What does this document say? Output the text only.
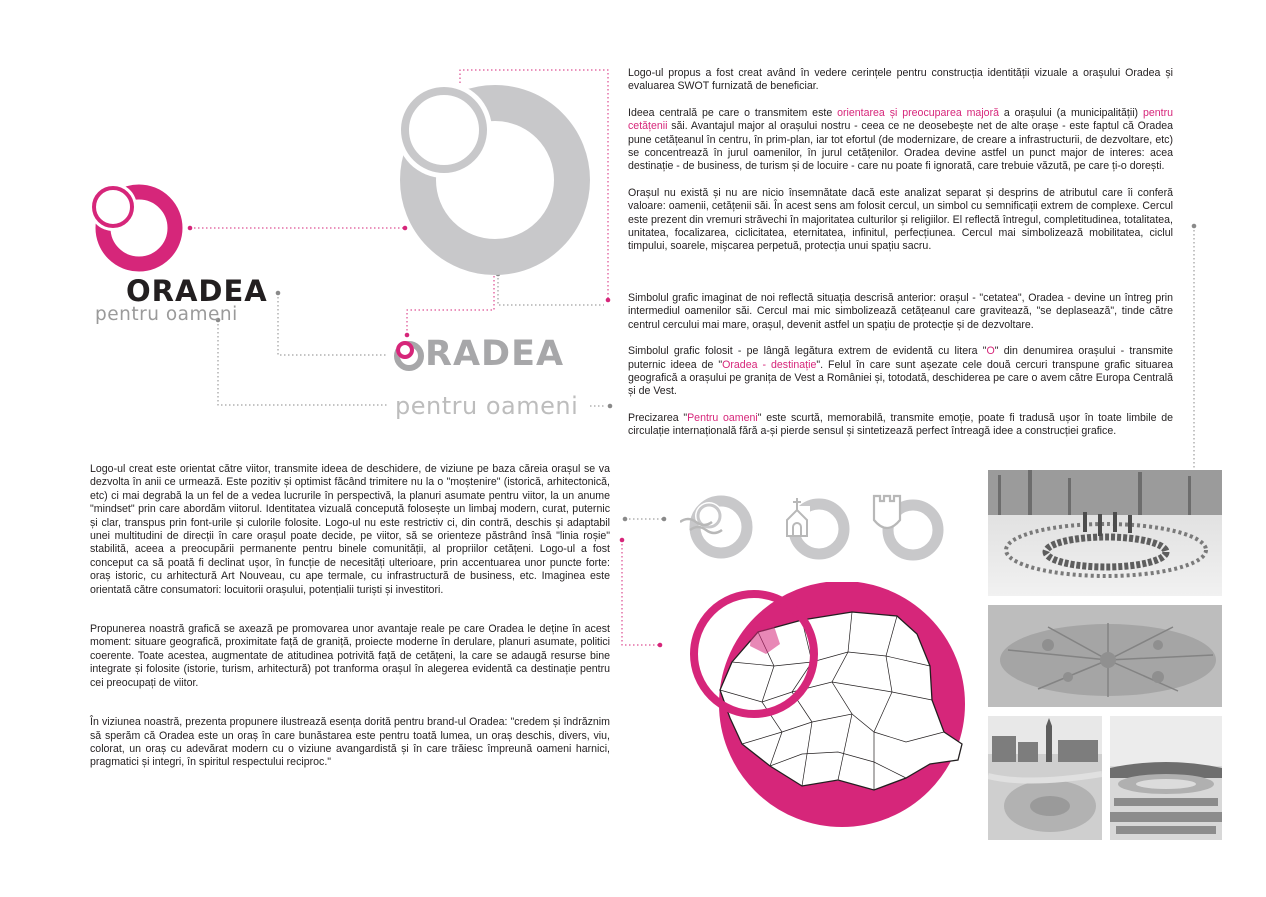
ORADEA
pentru oameni
RADEA
pentru oameni

Logo-ul propus a fost creat având în vedere cerințele pentru construcția identității vizuale a orașului Oradea și evaluarea SWOT furnizată de beneficiar.

Ideea centrală pe care o transmitem este orientarea și preocuparea majoră a orașului (a municipalității) pentru cetățenii săi. Avantajul major al orașului nostru - ceea ce ne deosebește net de alte orașe - este faptul că Oradea pune cetățeanul în centru, în prim-plan, iar tot efortul (de modernizare, de creare a infrastructurii, de dezvoltare, etc) se concentrează în jurul oamenilor, în jurul cetățenilor. Oradea devine astfel un punct major de interes: acea destinație - de business, de turism și de locuire - care nu poate fi ignorată, care trebuie văzută, pe care ți-o dorești.

Orașul nu există și nu are nicio însemnătate dacă este analizat separat și desprins de atributul care îi conferă valoare: oamenii, cetățenii săi. În acest sens am folosit cercul, un simbol cu semnificații extrem de complexe. Cercul este prezent din vremuri străvechi în majoritatea culturilor și religiilor. El reflectă întregul, completitudinea, totalitatea, unitatea, focalizarea, ciclicitatea, eternitatea, infinitul, perfecțiunea. Cercul mai simbolizează mobilitatea, ciclul timpului, soarele, mișcarea perpetuă, protecția unui spațiu sacru.

Simbolul grafic imaginat de noi reflectă situația descrisă anterior: orașul - "cetatea", Oradea - devine un întreg prin intermediul oamenilor săi. Cercul mai mic simbolizează cetățeanul care gravitează, "se deplasează", tinde către centrul cercului mai mare, orașul, devenit astfel un spațiu de protecție și de dezvoltare.

Simbolul grafic folosit - pe lângă legătura extrem de evidentă cu litera "O" din denumirea orașului - transmite puternic ideea de "Oradea - destinație". Felul în care sunt așezate cele două cercuri transpune grafic situarea geografică a orașului pe granița de Vest a României și, totodată, deschiderea pe care o avem către Europa Centrală și de Vest.

Precizarea "Pentru oameni" este scurtă, memorabilă, transmite emoție, poate fi tradusă ușor în toate limbile de circulație internațională fără a-și pierde sensul și sintetizează perfect întreagă idee a construcției grafice.

Logo-ul creat este orientat către viitor, transmite ideea de deschidere, de viziune pe baza căreia orașul se va dezvolta în anii ce urmează. Este pozitiv și optimist făcând trimitere nu la o "moștenire" (istorică, arhitectonică, etc) ci mai degrabă la un fel de a vedea lucrurile în perspectivă, la planuri asumate pentru viitor, la un anume "mindset" prin care abordăm viitorul. Identitatea vizuală concepută folosește un limbaj modern, curat, puternic și clar, transpus prin font-urile și culorile folosite. Logo-ul nu este restrictiv ci, din contră, deschis și adaptabil unei multitudini de direcții în care orașul poate decide, pe viitor, să se orienteze păstrând însă "linia roșie" stabilită, aceea a preocupării permanente pentru binele comunității, al propriilor cetățeni. Logo-ul a fost conceput ca să poată fi declinat ușor, în funcție de necesități ulterioare, prin accentuarea unor puncte forte: oraș istoric, cu arhitectură Art Nouveau, cu ape termale, cu infrastructură de business, etc. Imaginea este orientată către consumatori: locuitorii orașului, potențialii turiști și investitori.

Propunerea noastră grafică se axează pe promovarea unor avantaje reale pe care Oradea le deține în acest moment: situare geografică, proximitate față de graniță, proiecte moderne în derulare, planuri asumate, politici coerente. Toate acestea, augmentate de atitudinea potrivită față de cetățeni, la care se adaugă resurse bine integrate și folosite (istorie, turism, arhitectură) pot tranforma orașul în alegerea evidentă ca destinație pentru cei preocupați de viitor.

În viziunea noastră, prezenta propunere ilustrează esența dorită pentru brand-ul Oradea: "credem și îndrăznim să sperăm că Oradea este un oraș în care bunăstarea este pentru toată lumea, un oraș deschis, divers, viu, colorat, un oraș cu adevărat modern cu o viziune avangardistă și în care trăiesc împreună oameni harnici, pragmatici și integri, în spiritul respectului reciproc."
